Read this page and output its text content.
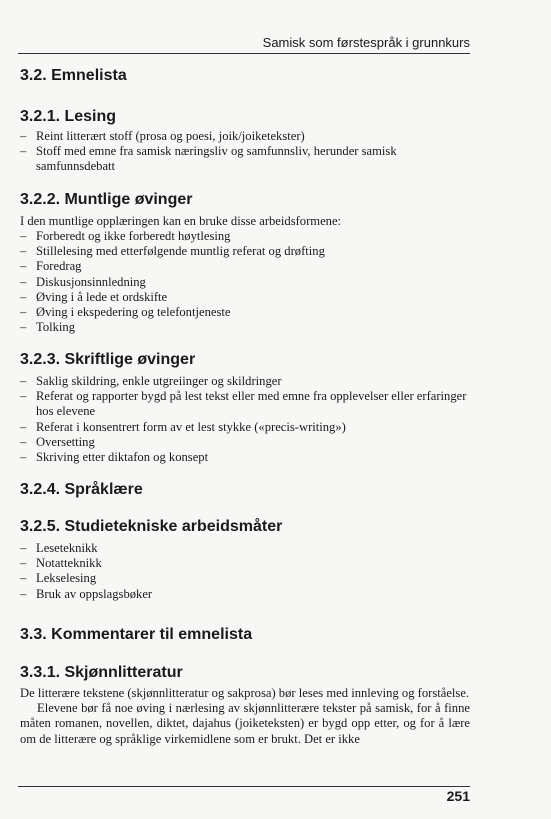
Samisk som førstespråk i grunnkurs
3.2. Emnelista
3.2.1. Lesing
– Reint litterært stoff (prosa og poesi, joik/joiketekster)
– Stoff med emne fra samisk næringsliv og samfunnsliv, herunder samisk samfunnsdebatt
3.2.2. Muntlige øvinger

I den muntlige opplæringen kan en bruke disse arbeidsformene:

– Forberedt og ikke forberedt høytlesing
– Stillelesing med etterfølgende muntlig referat og drøfting
– Foredrag
– Diskusjonsinnledning
– Øving i å lede et ordskifte
– Øving i ekspedering og telefontjeneste
– Tolking
3.2.3. Skriftlige øvinger
– Saklig skildring, enkle utgreiinger og skildringer
– Referat og rapporter bygd på lest tekst eller med emne fra opplevelser eller erfaringer hos elevene
– Referat i konsentrert form av et lest stykke («precis-writing»)
– Oversetting
– Skriving etter diktafon og konsept
3.2.4. Språklære
3.2.5. Studietekniske arbeidsmåter
– Leseteknikk
– Notatteknikk
– Lekselesing
– Bruk av oppslagsbøker
3.3. Kommentarer til emnelista
3.3.1. Skjønnlitteratur

De litterære tekstene (skjønnlitteratur og sakprosa) bør leses med innleving og forståelse.

Elevene bør få noe øving i nærlesing av skjønnlitterære tekster på samisk, for å finne måten romanen, novellen, diktet, dajahus (joiketeksten) er bygd opp etter, og for å lære om de litterære og språklige virkemidlene som er brukt. Det er ikke

251
